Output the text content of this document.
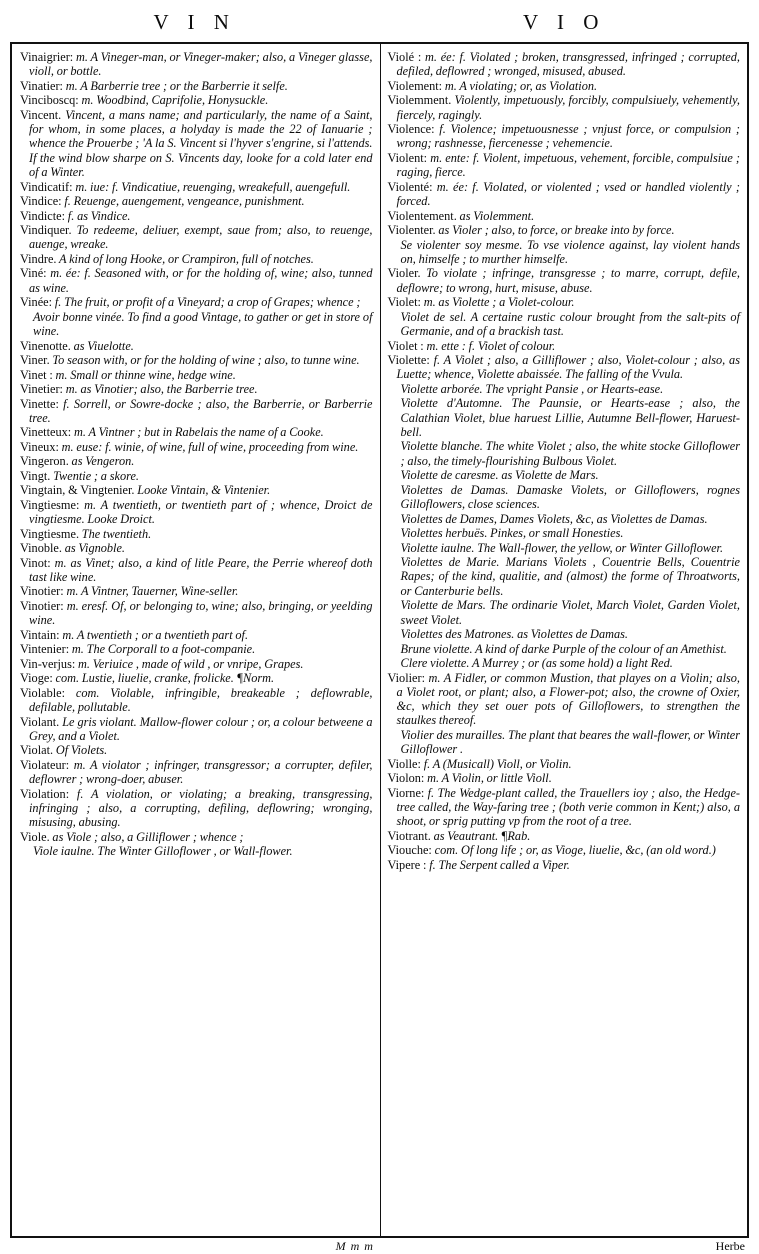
V I N	V I O
Vinaigrier: m. A Vineger-man, or Vineger-maker; also, a Vineger glasse, violl, or bottle.
Vinatier: m. A Barberrie tree ; or the Barberrie it selfe.
Vinciboscq: m. Woodbind, Caprifolie, Honysuckle.
Vincent. Vincent, a mans name; and particularly, the name of a Saint, for whom, in some places, a holyday is made the 22 of Ianuarie ; whence the Prouerbe ; 'A la S. Vincent si l'hyver s'engrine, si l'attends. If the wind blow sharpe on S. Vincents day, looke for a cold later end of a Winter.
Vindicatif: m. iue: f. Vindicatiue, reuenging, wreakefull, auengefull.
Vindice: f. Reuenge, auengement, vengeance, punishment.
Vindicte: f. as Vindice.
Vindiquer. To redeeme, deliuer, exempt, saue from; also, to reuenge, auenge, wreake.
Vindre. A kind of long Hooke, or Crampiron, full of notches.
Viné: m. ée: f. Seasoned with, or for the holding of, wine; also, tunned as wine.
Vinée: f. The fruit, or profit of a Vineyard; a crop of Grapes; whence ;
Avoir bonne vinée. To find a good Vintage, to gather or get in store of wine.
Vinenotte. as Viuelotte.
Viner. To season with, or for the holding of wine ; also, to tunne wine.
Vinet : m. Small or thinne wine, hedge wine.
Vinetier: m. as Vinotier; also, the Barberrie tree.
Vinette: f. Sorrell, or Sowre-docke ; also, the Barberrie, or Barberrie tree.
Vinetteux: m. A Vintner ; but in Rabelais the name of a Cooke.
Vineux: m. euse: f. winie, of wine, full of wine, proceeding from wine.
Vingeron. as Vengeron.
Vingt. Twentie ; a skore.
Vingtain, & Vingtenier. Looke Vintain, & Vintenier.
Vingtiesme: m. A twentieth, or twentieth part of ; whence, Droict de vingtiesme. Looke Droict.
Vingtiesme. The twentieth.
Vinoble. as Vignoble.
Vinot: m. as Vinet; also, a kind of litle Peare, the Perrie whereof doth tast like wine.
Vinotier: m. A Vintner, Tauerner, Wine-seller.
Vinotier: m. eresf. Of, or belonging to, wine; also, bringing, or yeelding wine.
Vintain: m. A twentieth ; or a twentieth part of.
Vintenier: m. The Corporall to a foot-companie.
Vin-verjus: m. Veriuice , made of wild , or vnripe, Grapes.
Vioge: com. Lustie, liuelie, cranke, frolicke. ¶Norm.
Violable: com. Violable, infringible, breakeable ; deflowrable, defilable, pollutable.
Violant. Le gris violant. Mallow-flower colour ; or, a colour betweene a Grey, and a Violet.
Violat. Of Violets.
Violateur: m. A violator ; infringer, transgressor; a corrupter, defiler, deflowrer ; wrong-doer, abuser.
Violation: f. A violation, or violating; a breaking, transgressing, infringing ; also, a corrupting, defiling, deflowring; wronging, misusing, abusing.
Viole. as Viole ; also, a Gilliflower ; whence ;
Viole iaulne. The Winter Gilloflower , or Wall-flower.
Violé : m. ée: f. Violated ; broken, transgressed, infringed ; corrupted, defiled, deflowred ; wronged, misused, abused.
Violement: m. A violating; or, as Violation.
Violemment. Violently, impetuously, forcibly, compulsiuely, vehemently, fiercely, ragingly.
Violence: f. Violence; impetuousnesse ; vnjust force, or compulsion ; wrong; rashnesse, fiercenesse ; vehemencie.
Violent: m. ente: f. Violent, impetuous, vehement, forcible, compulsiue ; raging, fierce.
Violenté: m. ée: f. Violated, or violented ; vsed or handled violently ; forced.
Violentement. as Violemment.
Violenter. as Violer ; also, to force, or breake into by force.
Se violenter soy mesme. To vse violence against, lay violent hands on, himselfe ; to murther himselfe.
Violer. To violate ; infringe, transgresse ; to marre, corrupt, defile, deflowre; to wrong, hurt, misuse, abuse.
Violet: m. as Violette ; a Violet-colour.
Violet de sel. A certaine rustic colour brought from the salt-pits of Germanie, and of a brackish tast.
Violet : m. ette : f. Violet of colour.
Violette: f. A Violet ; also, a Gilliflower ; also, Violet-colour ; also, as Luette; whence, Violette abaissée. The falling of the Vvula.
Violette arborée. The vpright Pansie , or Hearts-ease.
Violette d'Automne. The Paunsie, or Hearts-ease ; also, the Calathian Violet, blue haruest Lillie, Autumne Bell-flower, Haruest-bell.
Violette blanche. The white Violet ; also, the white stocke Gilloflower ; also, the timely-flourishing Bulbous Violet.
Violette de caresme. as Violette de Mars.
Violettes de Damas. Damaske Violets, or Gilloflowers, rognes Gilloflowers, close sciences.
Violettes de Dames, Dames Violets, &c, as Violettes de Damas.
Violettes herbuës. Pinkes, or small Honesties.
Violette iaulne. The Wall-flower, the yellow, or Winter Gilloflower.
Violettes de Marie. Marians Violets , Couentrie Bells, Couentrie Rapes; of the kind, qualitie, and (almost) the forme of Throatworts, or Canterburie bells.
Violette de Mars. The ordinarie Violet, March Violet, Garden Violet, sweet Violet.
Violettes des Matrones. as Violettes de Damas.
Brune violette. A kind of darke Purple of the colour of an Amethist.
Clere violette. A Murrey ; or (as some hold) a light Red.
Violier: m. A Fidler, or common Mustion, that playes on a Violin; also, a Violet root, or plant; also, a Flower-pot; also, the crowne of Oxier, &c, which they set ouer pots of Gilloflowers, to strengthen the staulkes thereof.
Violier des murailles. The plant that beares the wall-flower, or Winter Gilloflower .
Violle: f. A (Musicall) Violl, or Violin.
Violon: m. A Violin, or little Violl.
Viorne: f. The Wedge-plant called, the Trauellers ioy ; also, the Hedge-tree called, the Way-faring tree ; (both verie common in Kent;) also, a shoot, or sprig putting vp from the root of a tree.
Viotrant. as Veautrant. ¶Rab.
Viouche: com. Of long life ; or, as Vioge, liuelie, &c, (an old word.)
Vipere : f. The Serpent called a Viper.
M m m	Herbe
